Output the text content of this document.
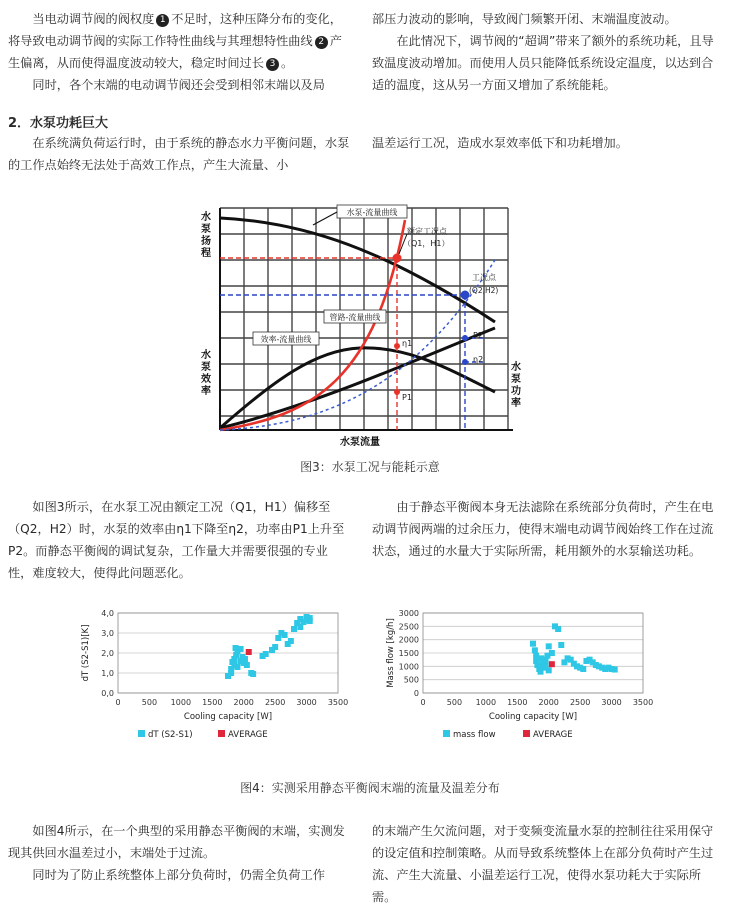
当电动调节阀的阀权度 1 不足时，这种压降分布的变化，将导致电动调节阀的实际工作特性曲线与其理想特性曲线 2 产生偏离，从而使得温度波动较大，稳定时间过长 3 。

同时，各个末端的电动调节阀还会受到相邻末端以及局

部压力波动的影响，导致阀门频繁开闭、末端温度波动。

在此情况下，调节阀的“超调”带来了额外的系统功耗，且导致温度波动增加。而使用人员只能降低系统设定温度，以达到合适的温度，这从另一方面又增加了系统能耗。

2．水泵功耗巨大

在系统满负荷运行时，由于系统的静态水力平衡问题，水泵的工作点始终无法处于高效工作点，产生大流量、小

温差运行工况，造成水泵效率低下和功耗增加。

水泵-流量曲线
额定工况点
（Q1，H1）
工况点
(Q2,H2)
管路-流量曲线
效率-流量曲线	P2
η2
η1
P1
水泵扬程
水泵效率
水泵功率
水泵流量
图3：水泵工况与能耗示意

如图3所示，在水泵工况由额定工况（Q1，H1）偏移至（Q2，H2）时，水泵的效率由η1下降至η2，功率由P1上升至P2。而静态平衡阀的调试复杂，工作量大并需要很强的专业性，难度较大，使得此问题恶化。

由于静态平衡阀本身无法滤除在系统部分负荷时，产生在电动调节阀两端的过余压力，使得末端电动调节阀始终工作在过流状态，通过的水量大于实际所需，耗用额外的水泵输送功耗。

0,0
1,0
2,0
3,0
4,0
0	500 1000 1500 2000 2500 3000 3500
Cooling capacity [W]
dT (S2-S1)[K]
dT (S2-S1)	AVERAGE
0
500
1000
1500
2000
2500
3000
0	500 1000 1500 2000 2500 3000 3500
Cooling capacity [W]
Mass flow [kg/h]
mass flow	AVERAGE
图4：实测采用静态平衡阀末端的流量及温差分布

如图4所示，在一个典型的采用静态平衡阀的末端，实测发现其供回水温差过小，末端处于过流。

同时为了防止系统整体上部分负荷时，仍需全负荷工作

的末端产生欠流问题，对于变频变流量水泵的控制往往采用保守的设定值和控制策略。从而导致系统整体上在部分负荷时产生过流、产生大流量、小温差运行工况，使得水泵功耗大于实际所需。
